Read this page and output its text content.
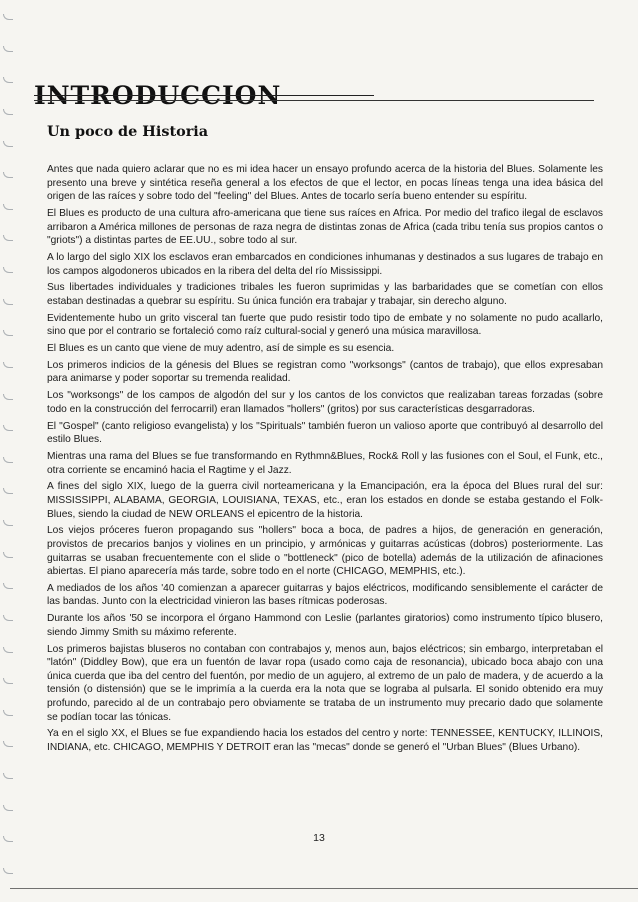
INTRODUCCION
Un poco de Historia

Antes que nada quiero aclarar que no es mi idea hacer un ensayo profundo acerca de la historia del Blues. Solamente les presento una breve y sintética reseña general a los efectos de que el lector, en pocas líneas tenga una idea básica del origen de las raíces y sobre todo del "feeling" del Blues. Antes de tocarlo sería bueno entender su espíritu.

El Blues es producto de una cultura afro-americana que tiene sus raíces en Africa. Por medio del trafico ilegal de esclavos arribaron a América millones de personas de raza negra de distintas zonas de Africa (cada tribu tenía sus propios cantos o "griots") a distintas partes de EE.UU., sobre todo al sur.

A lo largo del siglo XIX los esclavos eran embarcados en condiciones inhumanas y destinados a sus lugares de trabajo en los campos algodoneros ubicados en la ribera del delta del río Mississippi.

Sus libertades individuales y tradiciones tribales les fueron suprimidas y las barbaridades que se cometían con ellos estaban destinadas a quebrar su espíritu. Su única función era trabajar y trabajar, sin derecho alguno.

Evidentemente hubo un grito visceral tan fuerte que pudo resistir todo tipo de embate y no solamente no pudo acallarlo, sino que por el contrario se fortaleció como raíz cultural-social y generó una música maravillosa.

El Blues es un canto que viene de muy adentro, así de simple es su esencia.

Los primeros indicios de la génesis del Blues se registran como "worksongs" (cantos de trabajo), que ellos expresaban para animarse y poder soportar su tremenda realidad.

Los "worksongs" de los campos de algodón del sur y los cantos de los convictos que realizaban tareas forzadas (sobre todo en la construcción del ferrocarril) eran llamados "hollers" (gritos) por sus características desgarradoras.

El "Gospel" (canto religioso evangelista) y los "Spirituals" también fueron un valioso aporte que contribuyó al desarrollo del estilo Blues.

Mientras una rama del Blues se fue transformando en Rythmn&Blues, Rock& Roll y las fusiones con el Soul, el Funk, etc., otra corriente se encaminó hacia el Ragtime y el Jazz.

A fines del siglo XIX, luego de la guerra civil norteamericana y la Emancipación, era la época del Blues rural del sur: MISSISSIPPI, ALABAMA, GEORGIA, LOUISIANA, TEXAS, etc., eran los estados en donde se estaba gestando el Folk-Blues, siendo la ciudad de NEW ORLEANS el epicentro de la historia.

Los viejos próceres fueron propagando sus "hollers" boca a boca, de padres a hijos, de generación en generación, provistos de precarios banjos y violines en un principio, y armónicas y guitarras acústicas (dobros) posteriormente. Las guitarras se usaban frecuentemente con el slide o "bottleneck" (pico de botella) además de la utilización de afinaciones abiertas. El piano aparecería más tarde, sobre todo en el norte (CHICAGO, MEMPHIS, etc.).

A mediados de los años '40 comienzan a aparecer guitarras y bajos eléctricos, modificando sensiblemente el carácter de las bandas. Junto con la electricidad vinieron las bases rítmicas poderosas.

Durante los años '50 se incorpora el órgano Hammond con Leslie (parlantes giratorios) como instrumento típico blusero, siendo Jimmy Smith su máximo referente.

Los primeros bajistas bluseros no contaban con contrabajos y, menos aun, bajos eléctricos; sin embargo, interpretaban el "latón" (Diddley Bow), que era un fuentón de lavar ropa (usado como caja de resonancia), ubicado boca abajo con una única cuerda que iba del centro del fuentón, por medio de un agujero, al extremo de un palo de madera, y de acuerdo a la tensión (o distensión) que se le imprimía a la cuerda era la nota que se lograba al pulsarla. El sonido obtenido era muy profundo, parecido al de un contrabajo pero obviamente se trataba de un instrumento muy precario dado que solamente se podían tocar las tónicas.

Ya en el siglo XX, el Blues se fue expandiendo hacia los estados del centro y norte: TENNESSEE, KENTUCKY, ILLINOIS, INDIANA, etc. CHICAGO, MEMPHIS Y DETROIT eran las "mecas" donde se generó el "Urban Blues" (Blues Urbano).

13
